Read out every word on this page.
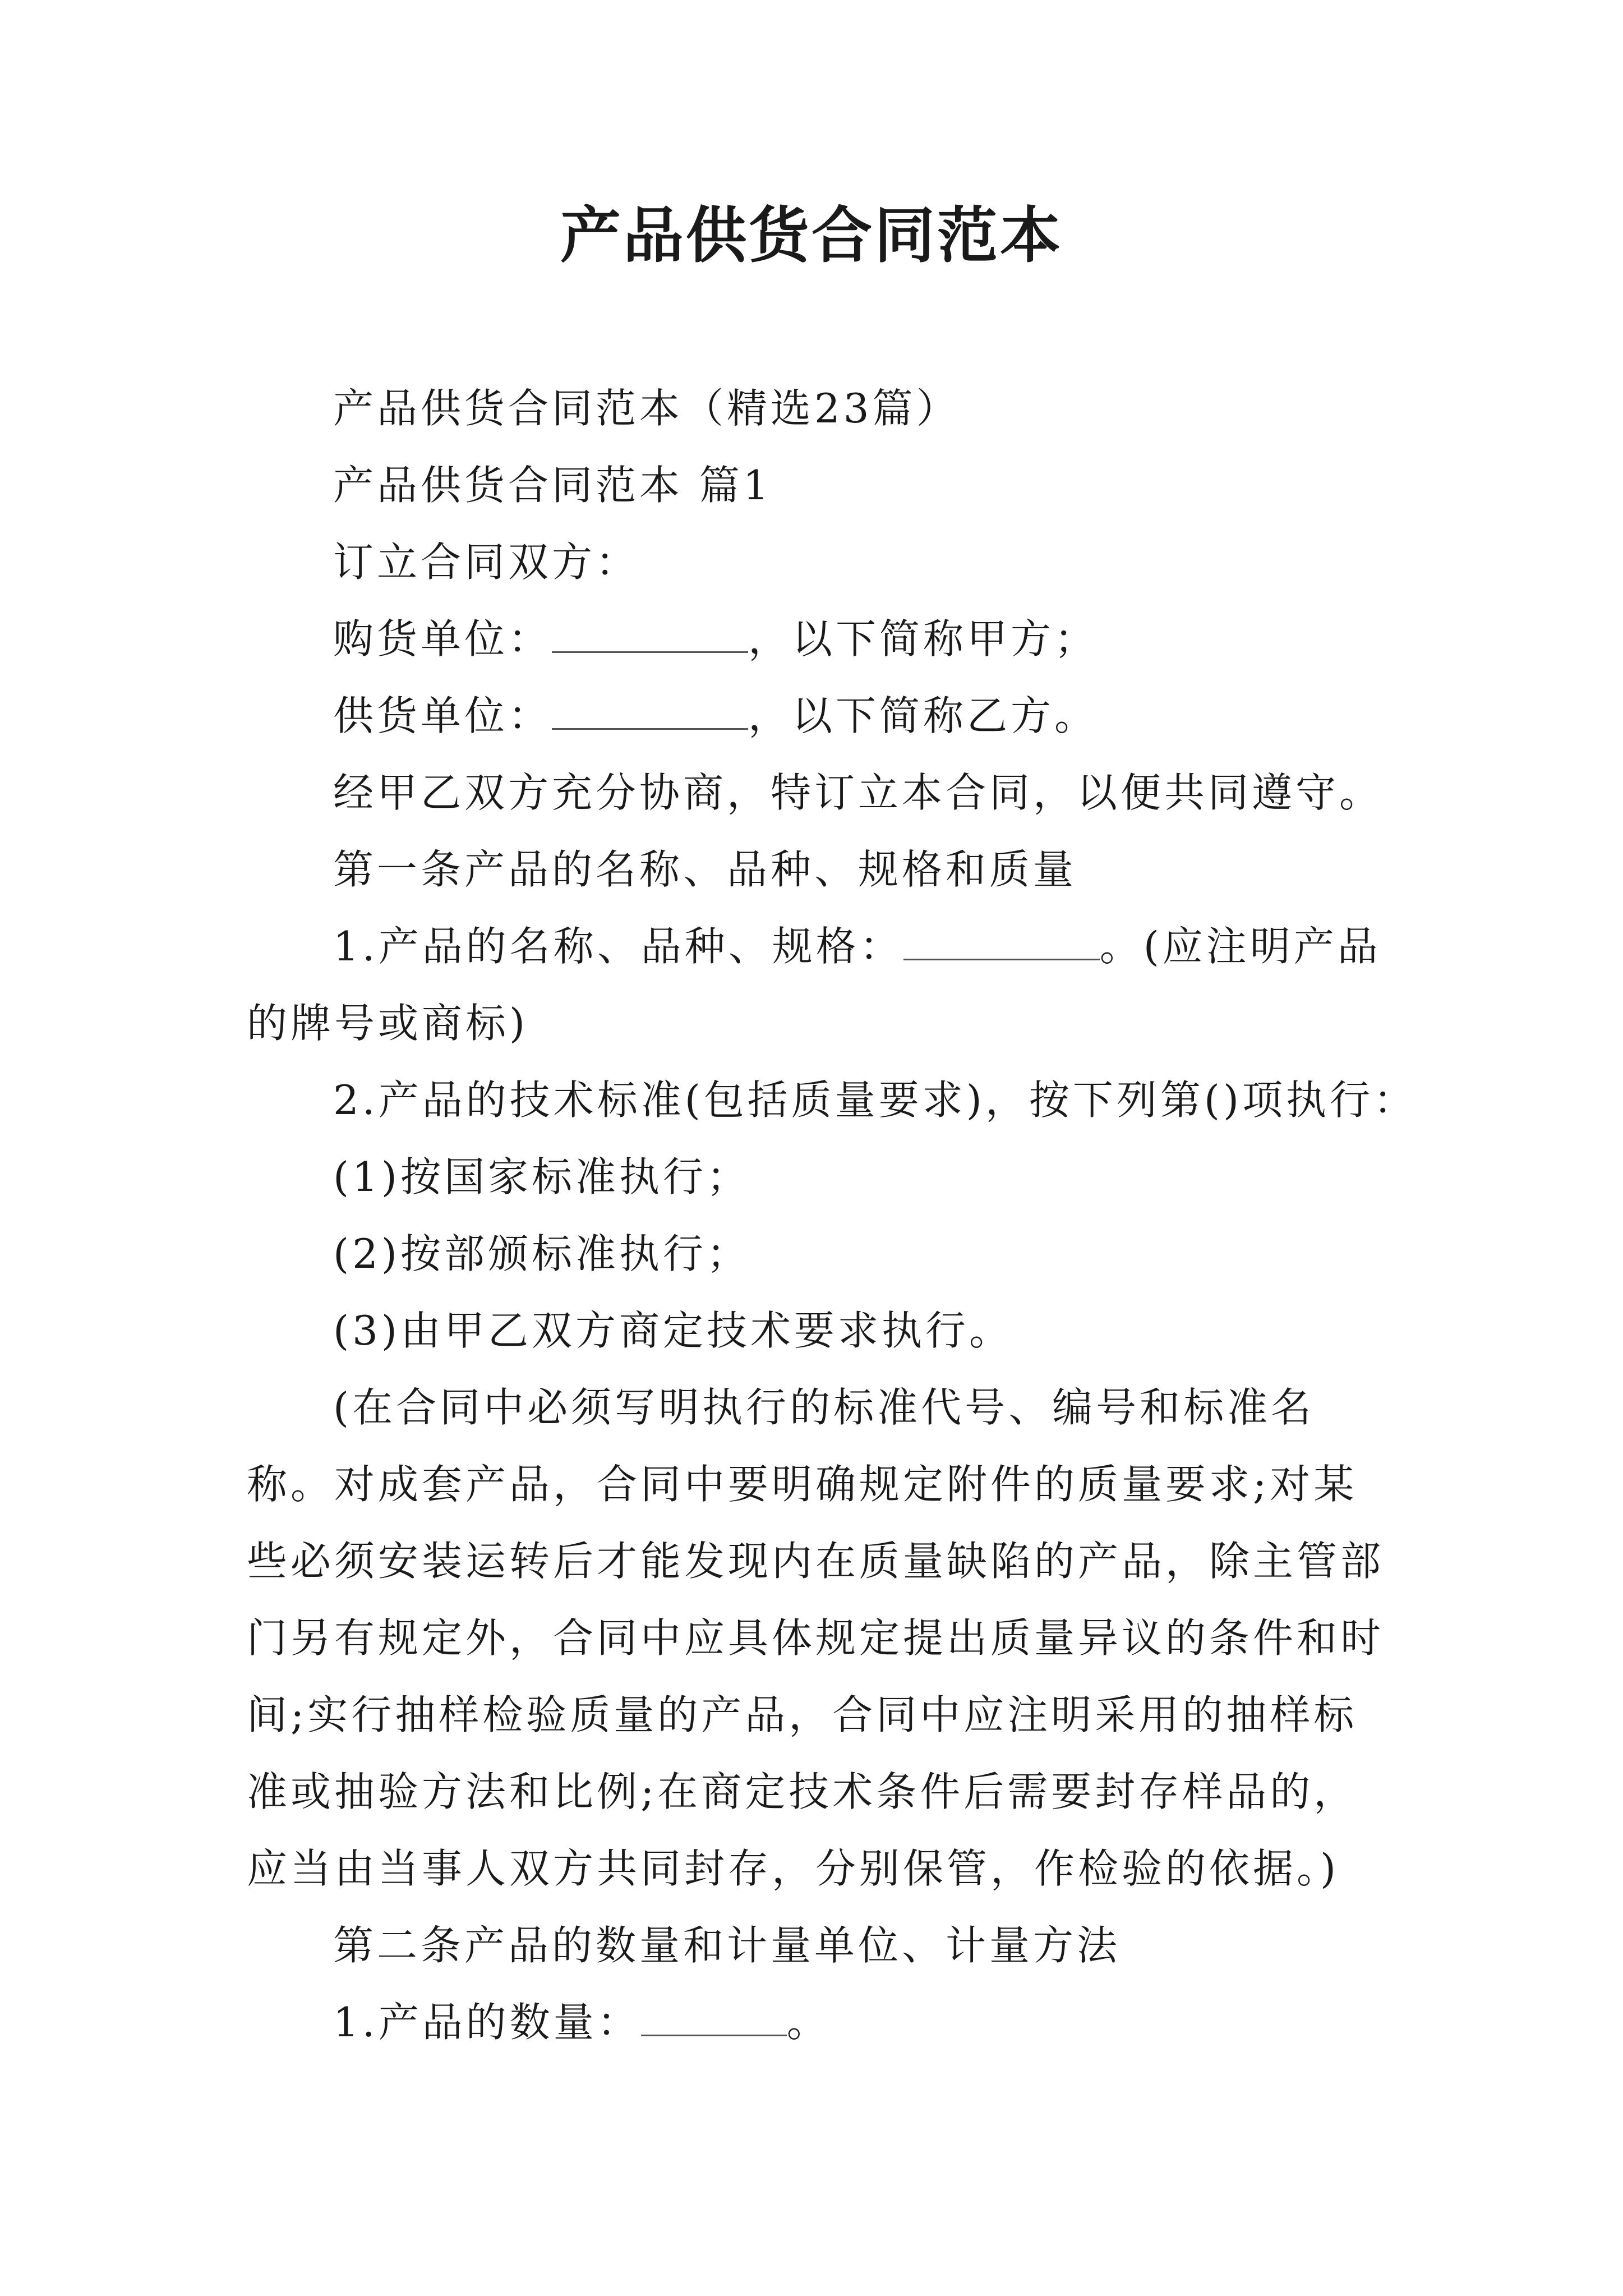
产品供货合同范本

产品供货合同范本（精选23篇）

产品供货合同范本 篇1

订立合同双方：

购货单位：	，以下简称甲方；

供货单位：	，以下简称乙方。

经甲乙双方充分协商，特订立本合同，以便共同遵守。

第一条产品的名称、品种、规格和质量

1.产品的名称、品种、规格：	。(应注明产品的牌号或商标)

2.产品的技术标准(包括质量要求)，按下列第()项执行：

(1)按国家标准执行；

(2)按部颁标准执行；

(3)由甲乙双方商定技术要求执行。

(在合同中必须写明执行的标准代号、编号和标准名称。对成套产品，合同中要明确规定附件的质量要求;对某些必须安装运转后才能发现内在质量缺陷的产品，除主管部门另有规定外，合同中应具体规定提出质量异议的条件和时间;实行抽样检验质量的产品，合同中应注明采用的抽样标准或抽验方法和比例;在商定技术条件后需要封存样品的，应当由当事人双方共同封存，分别保管，作检验的依据。)

第二条产品的数量和计量单位、计量方法

1.产品的数量：	。
